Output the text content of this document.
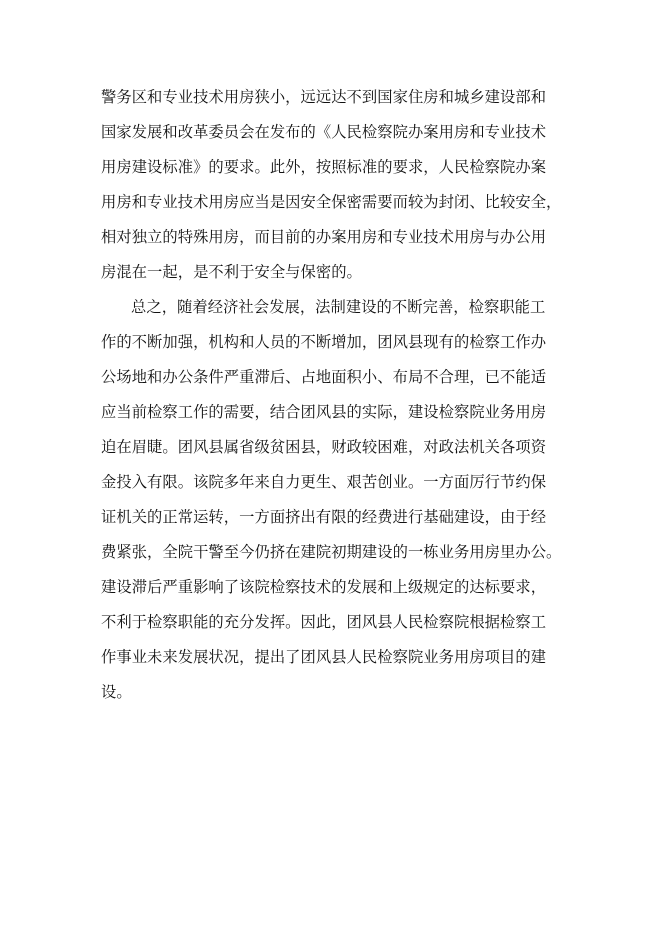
警务区和专业技术用房狭小，远远达不到国家住房和城乡建设部和
国家发展和改革委员会在发布的《人民检察院办案用房和专业技术
用房建设标准》的要求。此外，按照标准的要求，人民检察院办案
用房和专业技术用房应当是因安全保密需要而较为封闭、比较安全，
相对独立的特殊用房，而目前的办案用房和专业技术用房与办公用
房混在一起，是不利于安全与保密的。
总之，随着经济社会发展，法制建设的不断完善，检察职能工
作的不断加强，机构和人员的不断增加，团风县现有的检察工作办
公场地和办公条件严重滞后、占地面积小、布局不合理，已不能适
应当前检察工作的需要，结合团风县的实际，建设检察院业务用房
迫在眉睫。团风县属省级贫困县，财政较困难，对政法机关各项资
金投入有限。该院多年来自力更生、艰苦创业。一方面厉行节约保
证机关的正常运转，一方面挤出有限的经费进行基础建设，由于经
费紧张，全院干警至今仍挤在建院初期建设的一栋业务用房里办公。
建设滞后严重影响了该院检察技术的发展和上级规定的达标要求，
不利于检察职能的充分发挥。因此，团风县人民检察院根据检察工
作事业未来发展状况，提出了团风县人民检察院业务用房项目的建
设。
